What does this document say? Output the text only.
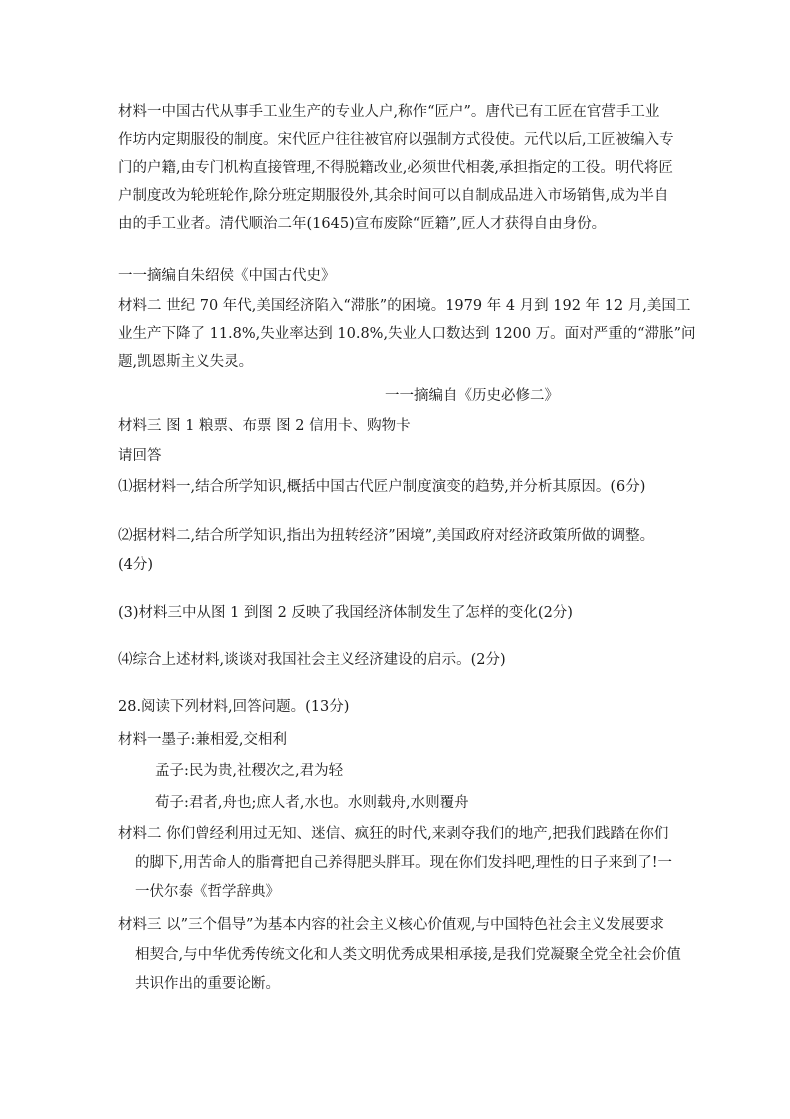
材料一中国古代从事手工业生产的专业人户,称作“匠户”。唐代已有工匠在官营手工业

作坊内定期服役的制度。宋代匠户往往被官府以强制方式役使。元代以后,工匠被编入专

门的户籍,由专门机构直接管理,不得脱籍改业,必须世代相袭,承担指定的工役。明代将匠

户制度改为轮班轮作,除分班定期服役外,其余时间可以自制成品进入市场销售,成为半自

由的手工业者。清代顺治二年(1645)宣布废除“匠籍”,匠人才获得自由身份。

一一摘编自朱绍侯《中国古代史》

材料二 世纪 70 年代,美国经济陷入“滞胀”的困境。1979 年 4 月到 192 年 12 月,美国工

业生产下降了 11.8%,失业率达到 10.8%,失业人口数达到 1200 万。面对严重的“滞胀”问

题,凯恩斯主义失灵。

一一摘编自《历史必修二》

材料三 图 1 粮票、布票 图 2 信用卡、购物卡

请回答

⑴据材料一,结合所学知识,概括中国古代匠户制度演变的趋势,并分析其原因。(6分)

⑵据材料二,结合所学知识,指出为扭转经济”困境”,美国政府对经济政策所做的调整。

(4分)

(3)材料三中从图 1 到图 2 反映了我国经济体制发生了怎样的变化(2分)

⑷综合上述材料,谈谈对我国社会主义经济建设的启示。(2分)

28.阅读下列材料,回答问题。(13分)

材料一墨子:兼相爱,交相利

孟子:民为贵,社稷次之,君为轻

荀子:君者,舟也;庶人者,水也。水则载舟,水则覆舟

材料二 你们曾经利用过无知、迷信、疯狂的时代,来剥夺我们的地产,把我们践踏在你们

的脚下,用苦命人的脂膏把自己养得肥头胖耳。现在你们发抖吧,理性的日子来到了!一

一伏尔泰《哲学辞典》

材料三 以”三个倡导”为基本内容的社会主义核心价值观,与中国特色社会主义发展要求

相契合,与中华优秀传统文化和人类文明优秀成果相承接,是我们党凝聚全党全社会价值

共识作出的重要论断。
